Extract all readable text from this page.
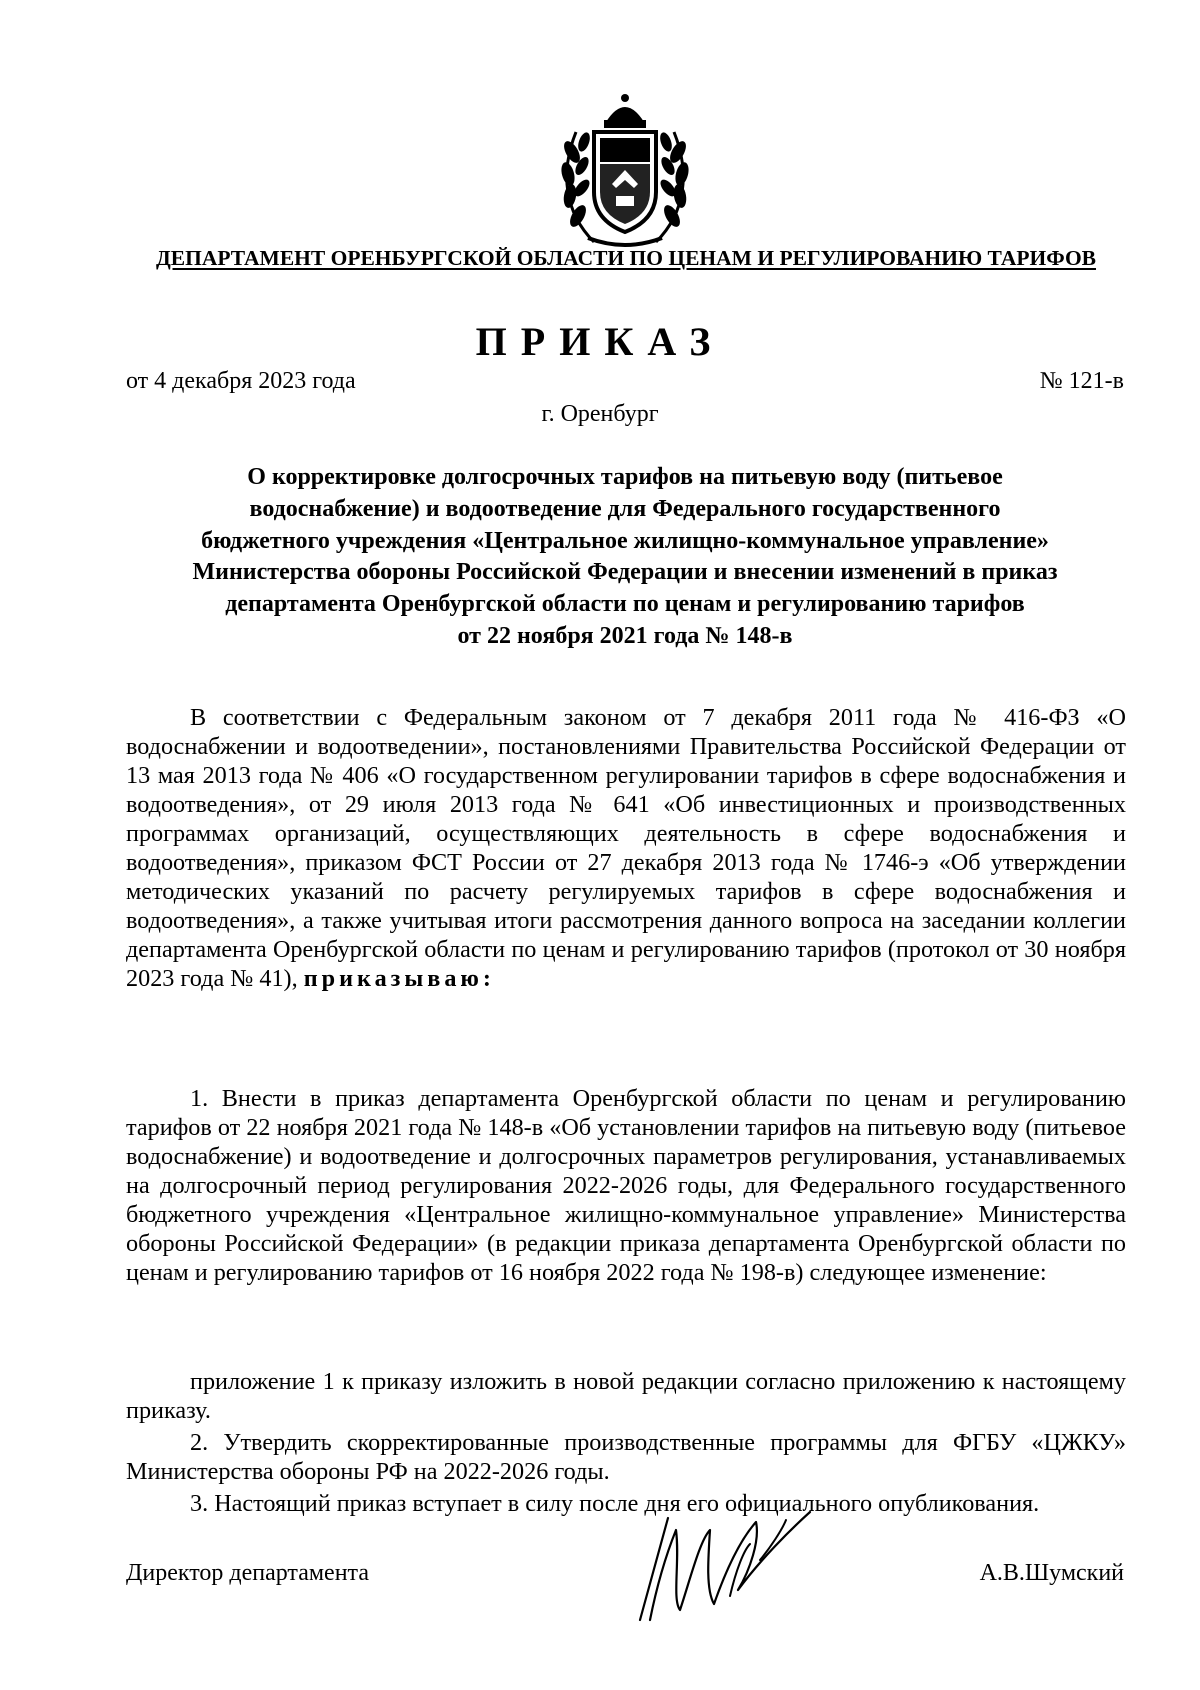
ДЕПАРТАМЕНТ ОРЕНБУРГСКОЙ ОБЛАСТИ ПО ЦЕНАМ И РЕГУЛИРОВАНИЮ ТАРИФОВ
ПРИКАЗ
от 4 декабря 2023 года	№ 121-в
г. Оренбург
О корректировке долгосрочных тарифов на питьевую воду (питьевое
водоснабжение) и водоотведение для Федерального государственного
бюджетного учреждения «Центральное жилищно-коммунальное управление»
Министерства обороны Российской Федерации и внесении изменений в приказ
департамента Оренбургской области по ценам и регулированию тарифов
от 22 ноября 2021 года № 148-в

В соответствии с Федеральным законом от 7 декабря 2011 года № 416-ФЗ «О водоснабжении и водоотведении», постановлениями Правительства Российской Федерации от 13 мая 2013 года № 406 «О государственном регулировании тарифов в сфере водоснабжения и водоотведения», от 29 июля 2013 года № 641 «Об инвестиционных и производственных программах организаций, осуществляющих деятельность в сфере водоснабжения и водоотведения», приказом ФСТ России от 27 декабря 2013 года № 1746-э «Об утверждении методических указаний по расчету регулируемых тарифов в сфере водоснабжения и водоотведения», а также учитывая итоги рассмотрения данного вопроса на заседании коллегии департамента Оренбургской области по ценам и регулированию тарифов (протокол от 30 ноября 2023 года № 41), приказываю:

1. Внести в приказ департамента Оренбургской области по ценам и регулированию тарифов от 22 ноября 2021 года № 148-в «Об установлении тарифов на питьевую воду (питьевое водоснабжение) и водоотведение и долгосрочных параметров регулирования, устанавливаемых на долгосрочный период регулирования 2022-2026 годы, для Федерального государственного бюджетного учреждения «Центральное жилищно-коммунальное управление» Министерства обороны Российской Федерации» (в редакции приказа департамента Оренбургской области по ценам и регулированию тарифов от 16 ноября 2022 года № 198-в) следующее изменение:

приложение 1 к приказу изложить в новой редакции согласно приложению к настоящему приказу.

2. Утвердить скорректированные производственные программы для ФГБУ «ЦЖКУ» Министерства обороны РФ на 2022-2026 годы.

3. Настоящий приказ вступает в силу после дня его официального опубликования.

Директор департамента	А.В.Шумский
